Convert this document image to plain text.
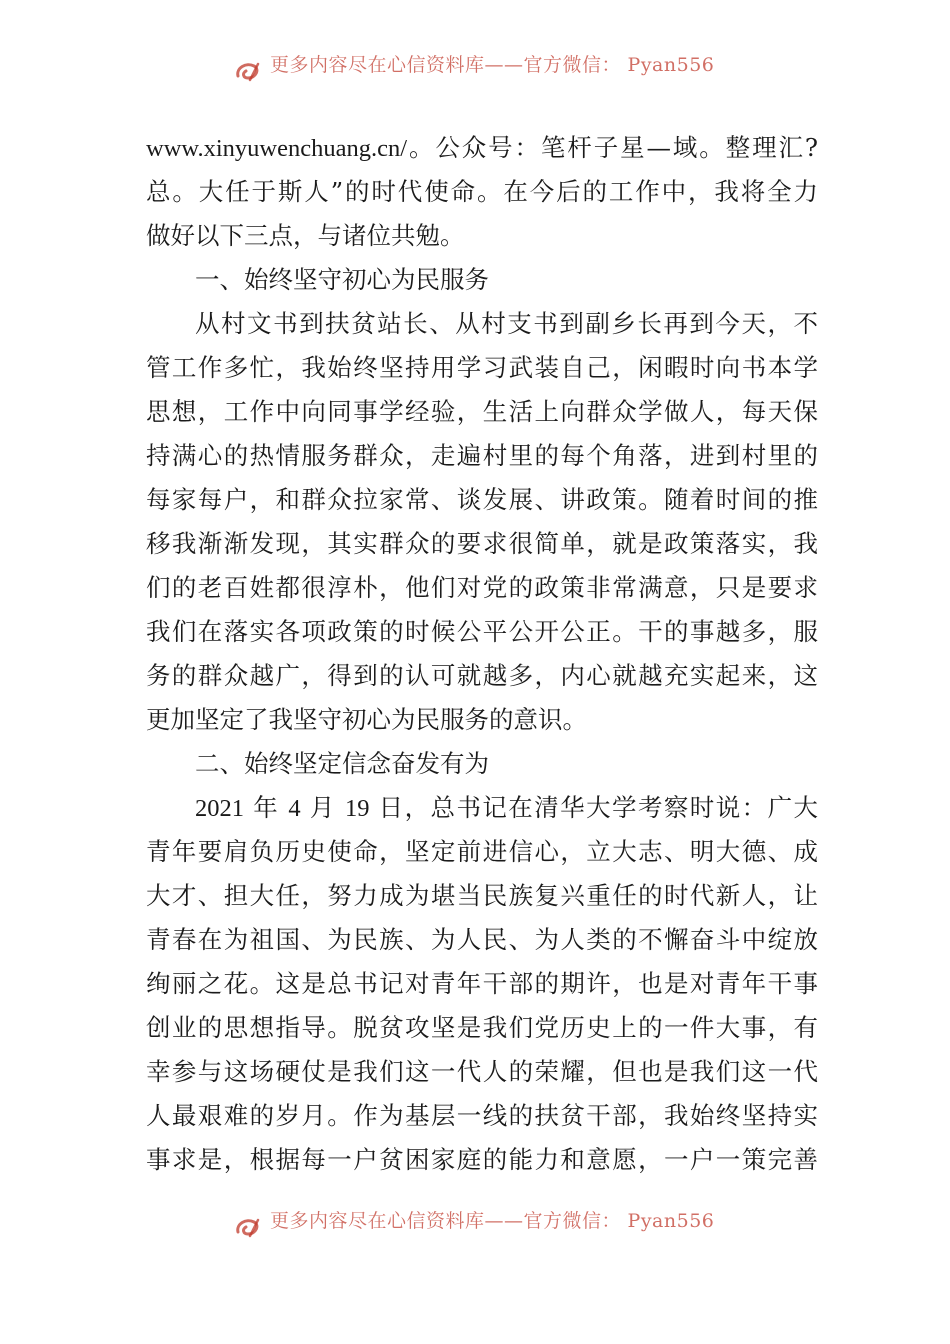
更多内容尽在心信资料库——官方微信： Pyan556
www.xinyuwenchuang.cn/。公众号：笔杆子星—域。整理汇?
总。大任于斯人”的时代使命。在今后的工作中，我将全力
做好以下三点，与诸位共勉。
一、始终坚守初心为民服务
从村文书到扶贫站长、从村支书到副乡长再到今天，不
管工作多忙，我始终坚持用学习武装自己，闲暇时向书本学
思想，工作中向同事学经验，生活上向群众学做人，每天保
持满心的热情服务群众，走遍村里的每个角落，进到村里的
每家每户，和群众拉家常、谈发展、讲政策。随着时间的推
移我渐渐发现，其实群众的要求很简单，就是政策落实，我
们的老百姓都很淳朴，他们对党的政策非常满意，只是要求
我们在落实各项政策的时候公平公开公正。干的事越多，服
务的群众越广，得到的认可就越多，内心就越充实起来，这
更加坚定了我坚守初心为民服务的意识。
二、始终坚定信念奋发有为
2021 年 4 月 19 日，总书记在清华大学考察时说：广大
青年要肩负历史使命，坚定前进信心，立大志、明大德、成
大才、担大任，努力成为堪当民族复兴重任的时代新人，让
青春在为祖国、为民族、为人民、为人类的不懈奋斗中绽放
绚丽之花。这是总书记对青年干部的期许，也是对青年干事
创业的思想指导。脱贫攻坚是我们党历史上的一件大事，有
幸参与这场硬仗是我们这一代人的荣耀，但也是我们这一代
人最艰难的岁月。作为基层一线的扶贫干部，我始终坚持实
事求是，根据每一户贫困家庭的能力和意愿，一户一策完善
更多内容尽在心信资料库——官方微信： Pyan556
